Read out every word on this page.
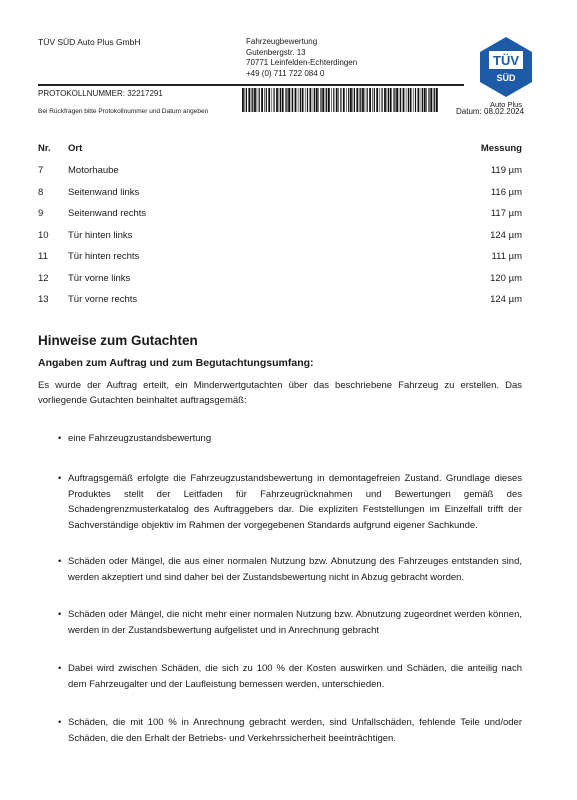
TÜV SÜD Auto Plus GmbH	Fahrzeugbewertung
Gutenbergstr. 13
70771 Leinfelden-Echterdingen
+49 (0) 711 722 084 0
TÜV
SÜD
Auto Plus
PROTOKOLLNUMMER: 32217291
Bei Rückfragen bitte Protokollnummer und Datum angeben	Datum: 08.02.2024
Nr.	Ort	Messung
7	Motorhaube	119 µm
8	Seitenwand links	116 µm
9	Seitenwand rechts	117 µm
10	Tür hinten links	124 µm
11	Tür hinten rechts	111 µm
12	Tür vorne links	120 µm
13	Tür vorne rechts	124 µm
Hinweise zum Gutachten
Angaben zum Auftrag und zum Begutachtungsumfang:
Es wurde der Auftrag erteilt, ein Minderwertgutachten über das beschriebene Fahrzeug zu erstellen. Das vorliegende Gutachten beinhaltet auftragsgemäß:
• eine Fahrzeugzustandsbewertung
• Auftragsgemäß erfolgte die Fahrzeugzustandsbewertung in demontagefreien Zustand. Grundlage dieses Produktes stellt der Leitfaden für Fahrzeugrücknahmen und Bewertungen gemäß des Schadengrenzmusterkatalog des Auftraggebers dar. Die expliziten Feststellungen im Einzelfall trifft der Sachverständige objektiv im Rahmen der vorgegebenen Standards aufgrund eigener Sachkunde.
• Schäden oder Mängel, die aus einer normalen Nutzung bzw. Abnutzung des Fahrzeuges entstanden sind, werden akzeptiert und sind daher bei der Zustandsbewertung nicht in Abzug gebracht worden.
• Schäden oder Mängel, die nicht mehr einer normalen Nutzung bzw. Abnutzung zugeordnet werden können, werden in der Zustandsbewertung aufgelistet und in Anrechnung gebracht
• Dabei wird zwischen Schäden, die sich zu 100 % der Kosten auswirken und Schäden, die anteilig nach dem Fahrzeugalter und der Laufleistung bemessen werden, unterschieden.
• Schäden, die mit 100 % in Anrechnung gebracht werden, sind Unfallschäden, fehlende Teile und/oder Schäden, die den Erhalt der Betriebs- und Verkehrssicherheit beeinträchtigen.
